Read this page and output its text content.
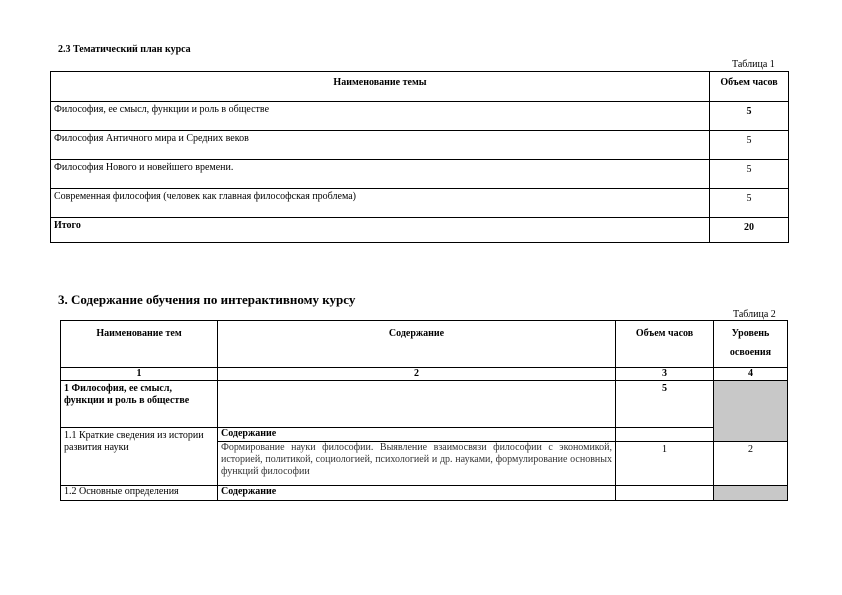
2.3 Тематический план курса
Таблица 1
Наименование темы	Объем часов
Философия, ее смысл, функции и роль в обществе	5
Философия Античного мира и Средних веков	5
Философия Нового и новейшего времени.	5
Современная философия (человек как главная философская проблема)	5
Итого	20
3. Содержание обучения по интерактивному курсу
Таблица 2
Наименование тем	Содержание	Объем часов	Уровень освоения
1	2	3	4
1 Философия, ее смысл, функции и роль в обществе		5	
1.1 Краткие сведения из истории развития науки	Содержание		
	Формирование науки философии. Выявление взаимосвязи философии с экономикой, историей, политикой, социологией, психологией и др. науками, формулирование основных функций философии	1	2
1.2 Основные определения	Содержание		
